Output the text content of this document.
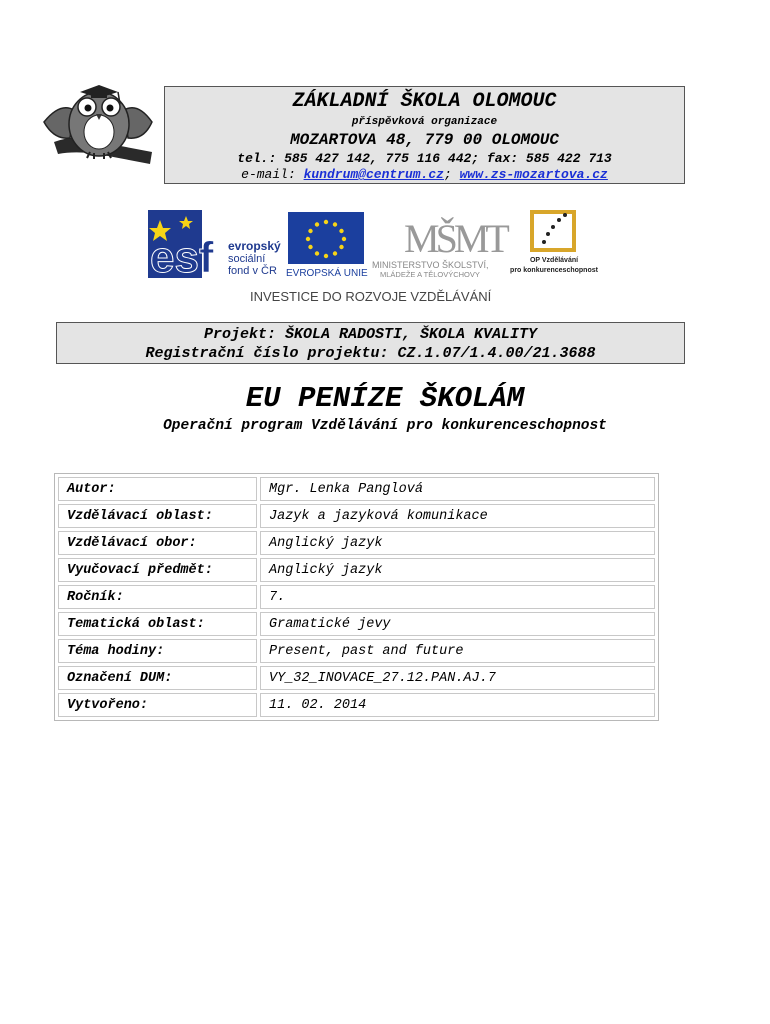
ZÁKLADNÍ ŠKOLA OLOMOUC
příspěvková organizace
MOZARTOVA 48, 779 00 OLOMOUC
tel.: 585 427 142, 775 116 442; fax: 585 422 713
e-mail: kundrum@centrum.cz; www.zs-mozartova.cz
esf evropský
sociální
fond v ČR EVROPSKÁ UNIE
MŠMT
MINISTERSTVO ŠKOLSTVÍ,
MLÁDEŽE A TĚLOVÝCHOVY
OP Vzdělávání
pro konkurenceschopnost
INVESTICE DO ROZVOJE VZDĚLÁVÁNÍ
Projekt: ŠKOLA RADOSTI, ŠKOLA KVALITY
Registrační číslo projektu: CZ.1.07/1.4.00/21.3688
EU PENÍZE ŠKOLÁM
Operační program Vzdělávání pro konkurenceschopnost
Autor:	Mgr. Lenka Panglová
Vzdělávací oblast:	Jazyk a jazyková komunikace
Vzdělávací obor:	Anglický jazyk
Vyučovací předmět:	Anglický jazyk
Ročník:	7.
Tematická oblast:	Gramatické jevy
Téma hodiny:	Present, past and future
Označení DUM:	VY_32_INOVACE_27.12.PAN.AJ.7
Vytvořeno:	11. 02. 2014
